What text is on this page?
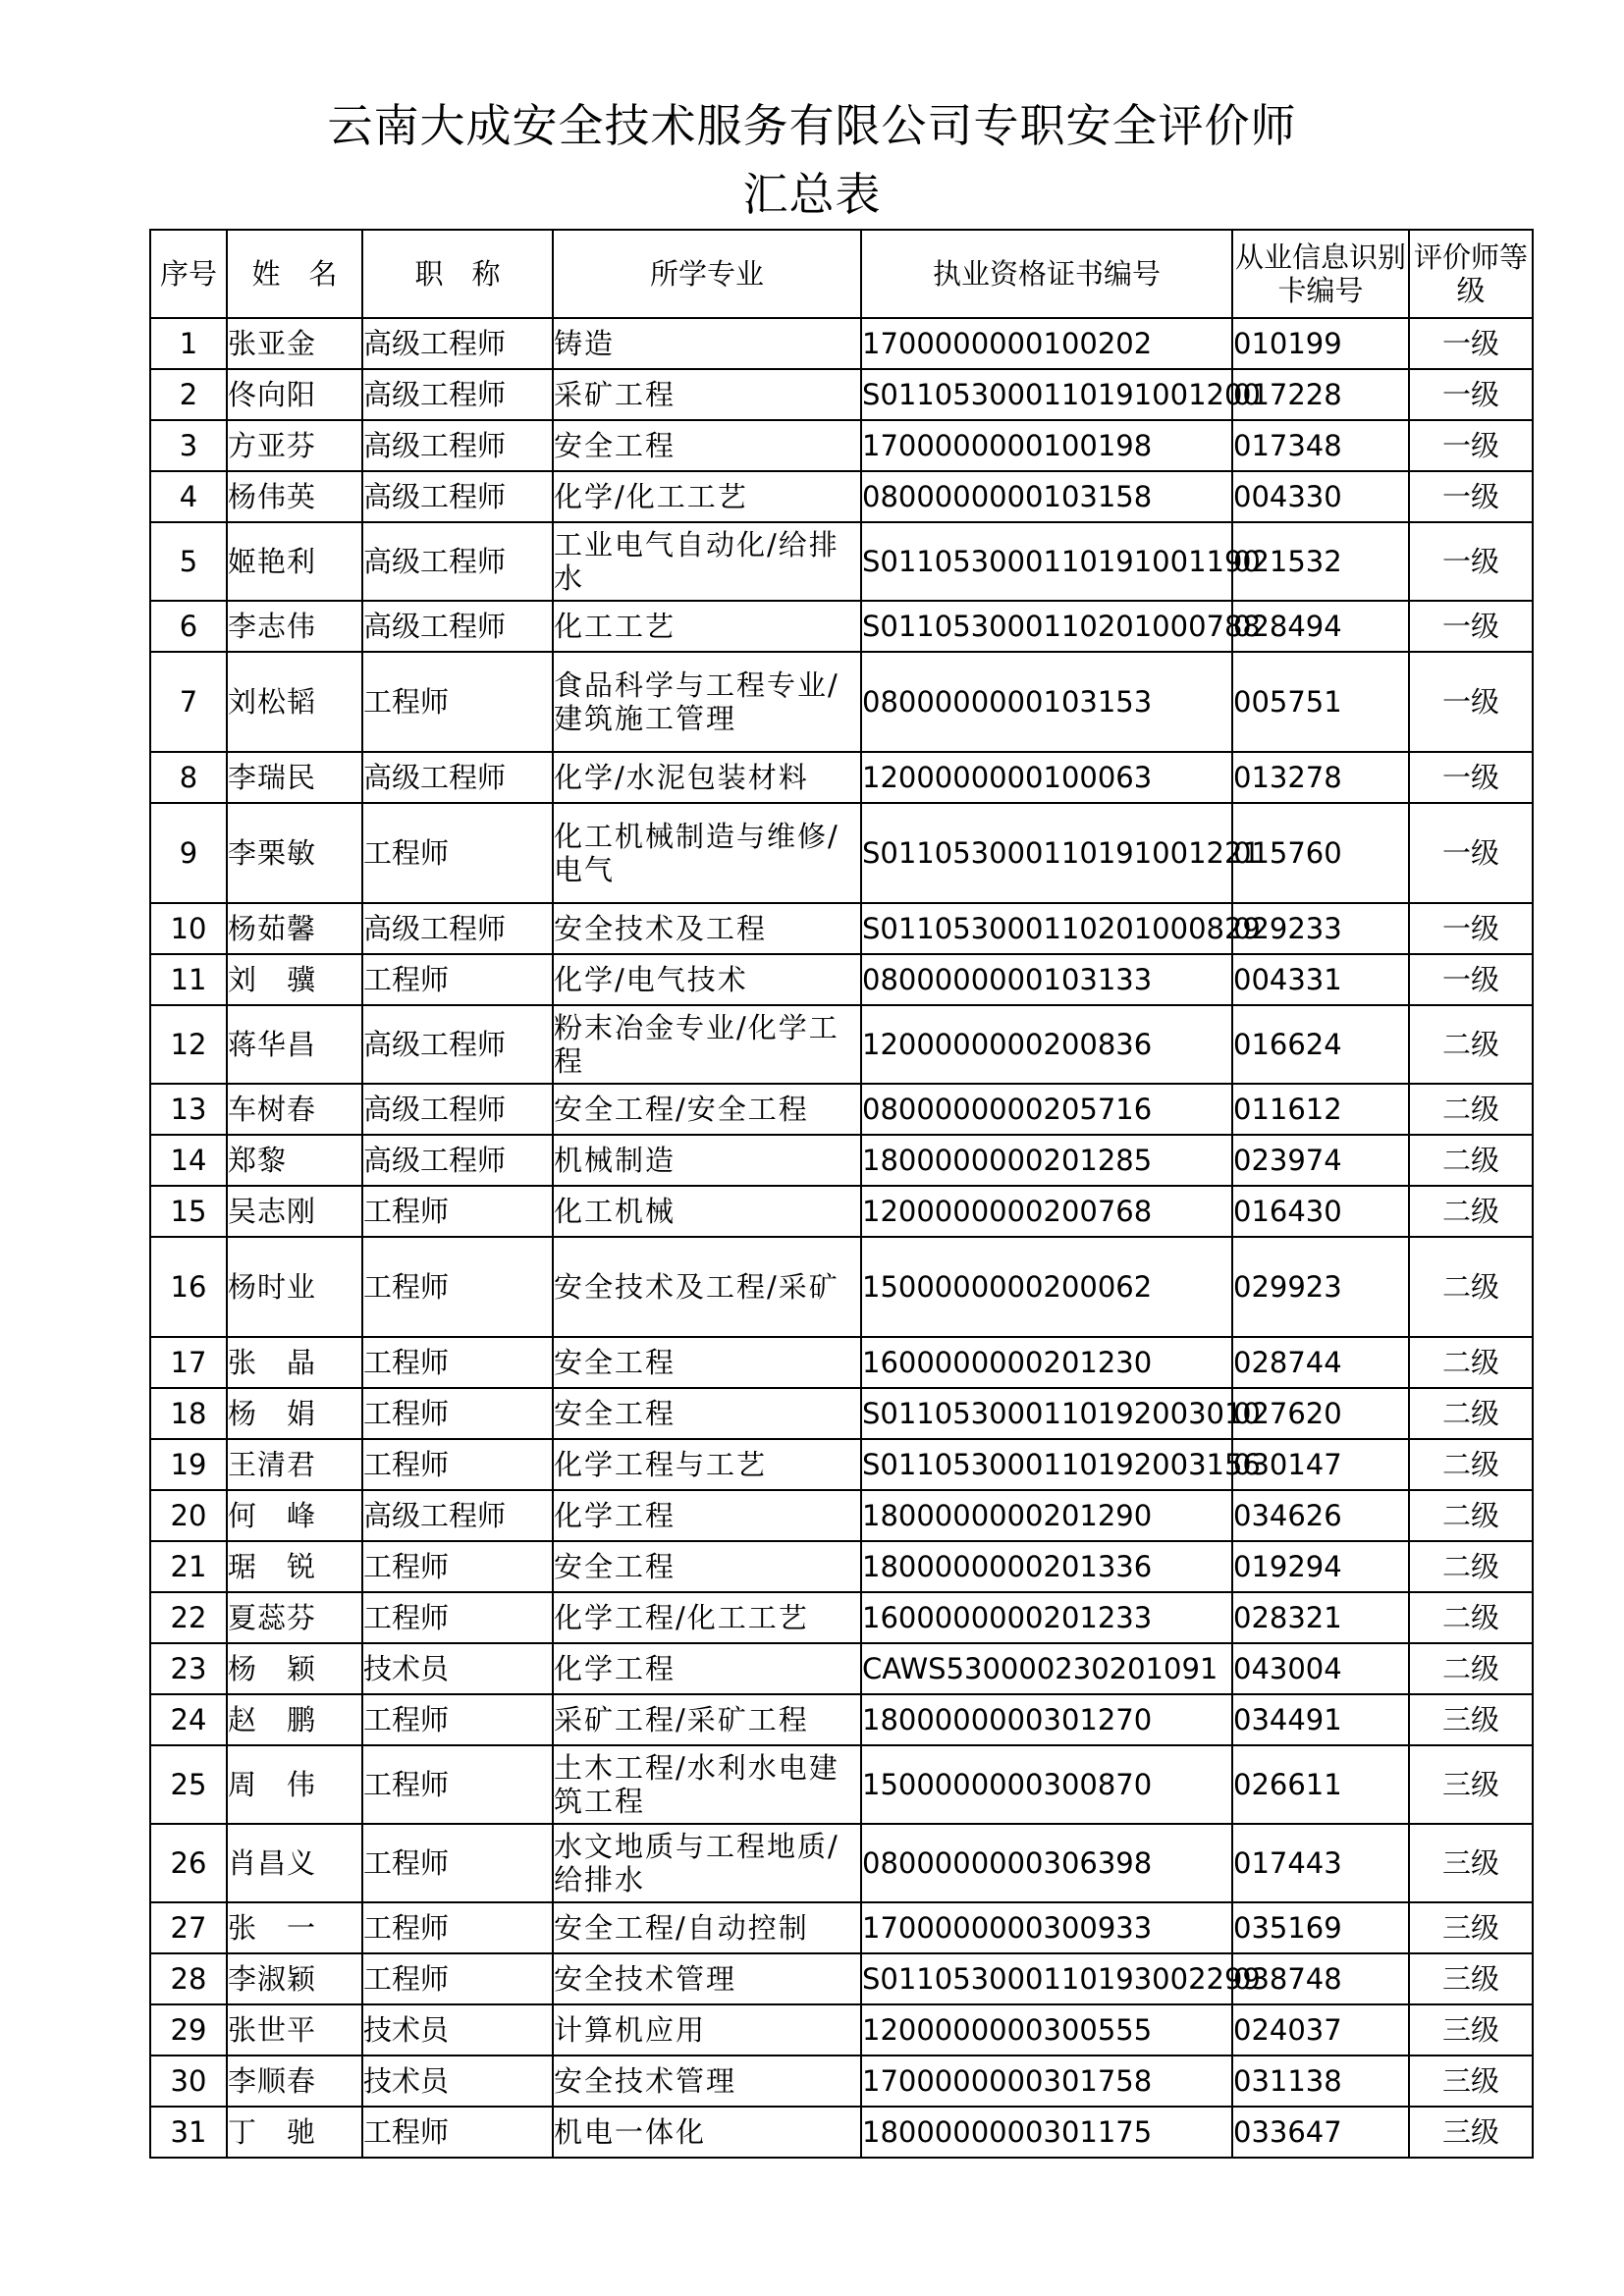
云南大成安全技术服务有限公司专职安全评价师
汇总表
序号	姓　名	职　称	所学专业	执业资格证书编号	从业信息识别卡编号	评价师等级
1	张亚金	高级工程师	铸造	1700000000100202	010199	一级
2	佟向阳	高级工程师	采矿工程	S011053000110191001200	017228	一级
3	方亚芬	高级工程师	安全工程	1700000000100198	017348	一级
4	杨伟英	高级工程师	化学/化工工艺	0800000000103158	004330	一级
5	姬艳利	高级工程师	工业电气自动化/给排水	S011053000110191001190	021532	一级
6	李志伟	高级工程师	化工工艺	S011053000110201000788	028494	一级
7	刘松韬	工程师	食品科学与工程专业/建筑施工管理	0800000000103153	005751	一级
8	李瑞民	高级工程师	化学/水泥包装材料	1200000000100063	013278	一级
9	李栗敏	工程师	化工机械制造与维修/电气	S011053000110191001221	015760	一级
10	杨茹馨	高级工程师	安全技术及工程	S011053000110201000829	029233	一级
11	刘　骥	工程师	化学/电气技术	0800000000103133	004331	一级
12	蒋华昌	高级工程师	粉末冶金专业/化学工程	1200000000200836	016624	二级
13	车树春	高级工程师	安全工程/安全工程	0800000000205716	011612	二级
14	郑黎	高级工程师	机械制造	1800000000201285	023974	二级
15	吴志刚	工程师	化工机械	1200000000200768	016430	二级
16	杨时业	工程师	安全技术及工程/采矿	1500000000200062	029923	二级
17	张　晶	工程师	安全工程	1600000000201230	028744	二级
18	杨　娟	工程师	安全工程	S011053000110192003010	027620	二级
19	王清君	工程师	化学工程与工艺	S011053000110192003156	030147	二级
20	何　峰	高级工程师	化学工程	1800000000201290	034626	二级
21	琚　锐	工程师	安全工程	1800000000201336	019294	二级
22	夏蕊芬	工程师	化学工程/化工工艺	1600000000201233	028321	二级
23	杨　颖	技术员	化学工程	CAWS530000230201091	043004	二级
24	赵　鹏	工程师	采矿工程/采矿工程	1800000000301270	034491	三级
25	周　伟	工程师	土木工程/水利水电建筑工程	1500000000300870	026611	三级
26	肖昌义	工程师	水文地质与工程地质/给排水	0800000000306398	017443	三级
27	张　一	工程师	安全工程/自动控制	1700000000300933	035169	三级
28	李淑颖	工程师	安全技术管理	S011053000110193002299	038748	三级
29	张世平	技术员	计算机应用	1200000000300555	024037	三级
30	李顺春	技术员	安全技术管理	1700000000301758	031138	三级
31	丁　驰	工程师	机电一体化	1800000000301175	033647	三级
